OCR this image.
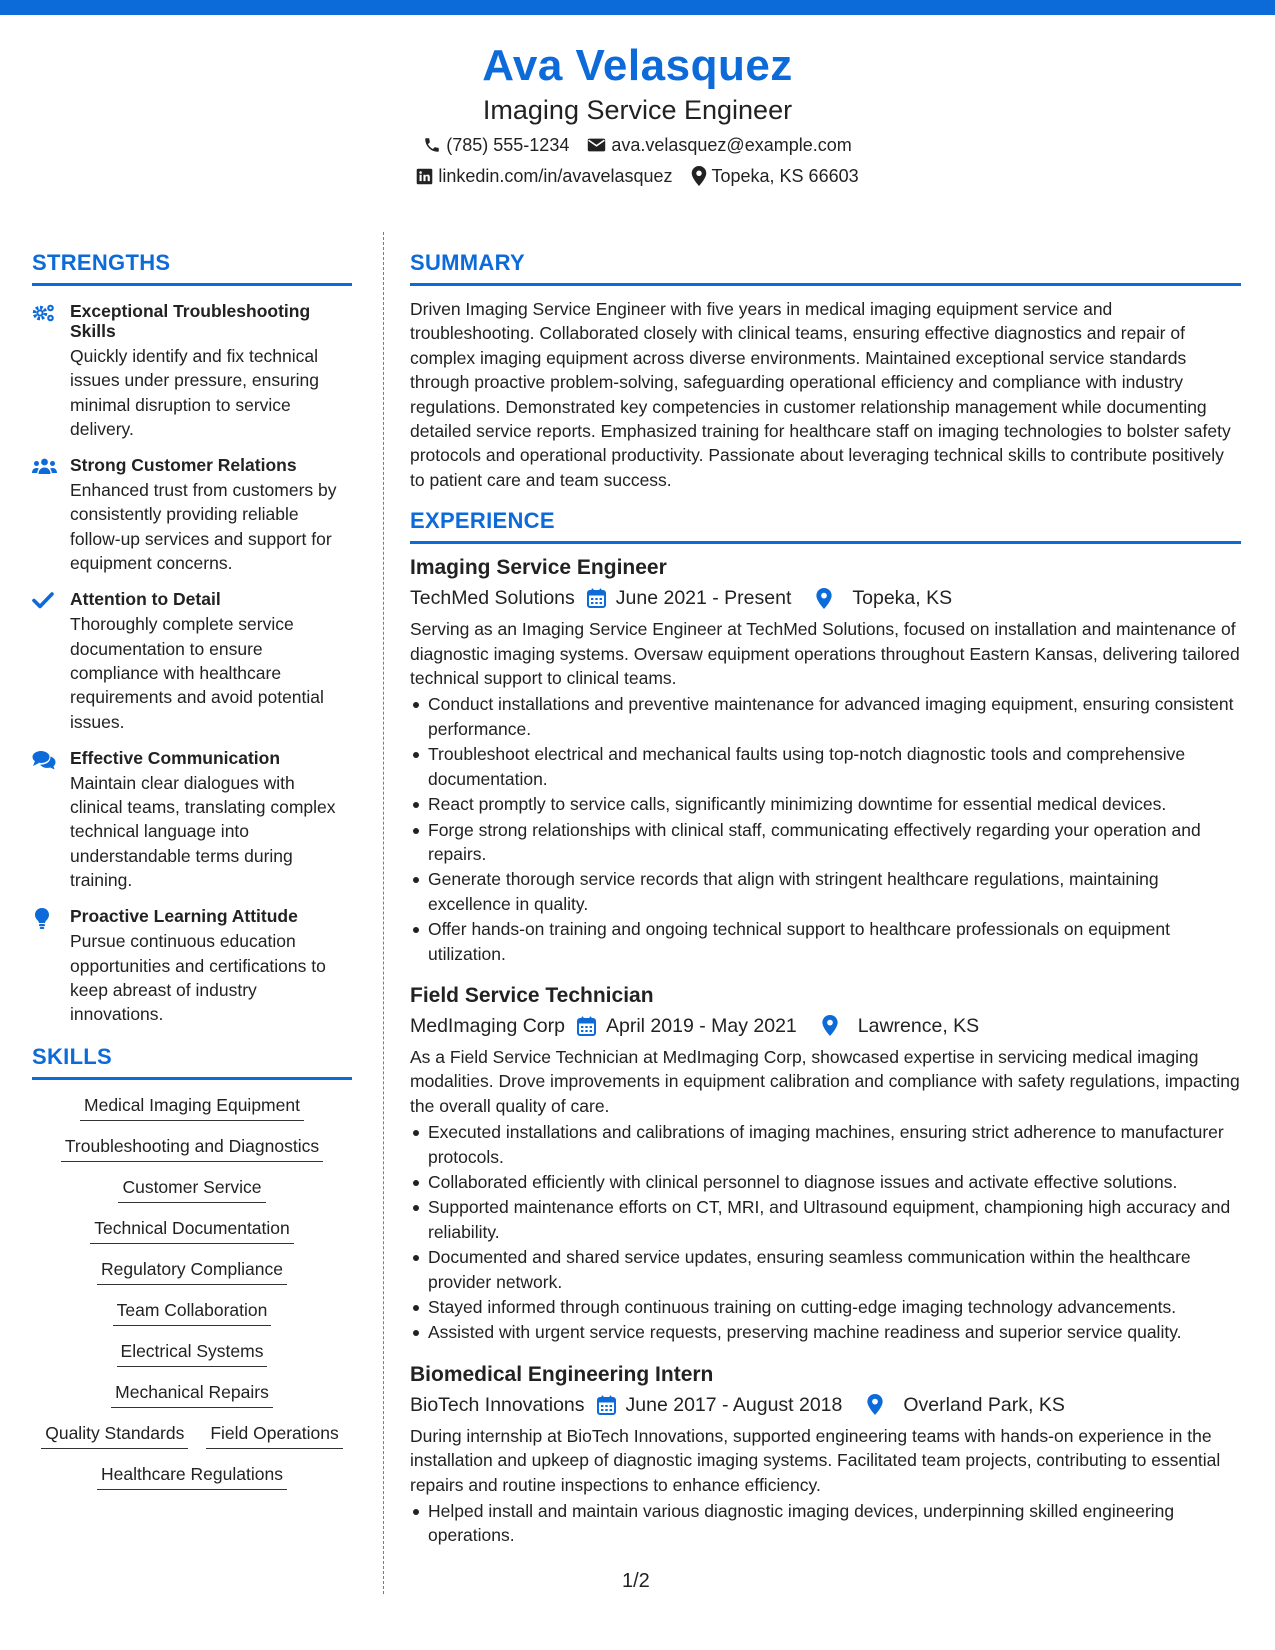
Ava Velasquez
Imaging Service Engineer
(785) 555-1234 ava.velasquez@example.com
linkedin.com/in/avavelasquez Topeka, KS 66603
STRENGTHS
Exceptional Troubleshooting Skills
Quickly identify and fix technical issues under pressure, ensuring minimal disruption to service delivery.
Strong Customer Relations
Enhanced trust from customers by consistently providing reliable follow-up services and support for equipment concerns.
Attention to Detail
Thoroughly complete service documentation to ensure compliance with healthcare requirements and avoid potential issues.
Effective Communication
Maintain clear dialogues with clinical teams, translating complex technical language into understandable terms during training.
Proactive Learning Attitude
Pursue continuous education opportunities and certifications to keep abreast of industry innovations.
SKILLS
Medical Imaging Equipment
Troubleshooting and Diagnostics
Customer Service
Technical Documentation
Regulatory Compliance
Team Collaboration
Electrical Systems
Mechanical Repairs
Quality Standards Field Operations
Healthcare Regulations
SUMMARY
Driven Imaging Service Engineer with five years in medical imaging equipment service and troubleshooting. Collaborated closely with clinical teams, ensuring effective diagnostics and repair of complex imaging equipment across diverse environments. Maintained exceptional service standards through proactive problem-solving, safeguarding operational efficiency and compliance with industry regulations. Demonstrated key competencies in customer relationship management while documenting detailed service reports. Emphasized training for healthcare staff on imaging technologies to bolster safety protocols and operational productivity. Passionate about leveraging technical skills to contribute positively to patient care and team success.
EXPERIENCE
Imaging Service Engineer
TechMed Solutions June 2021 - Present	Topeka, KS
Serving as an Imaging Service Engineer at TechMed Solutions, focused on installation and maintenance of diagnostic imaging systems. Oversaw equipment operations throughout Eastern Kansas, delivering tailored technical support to clinical teams.
Conduct installations and preventive maintenance for advanced imaging equipment, ensuring consistent performance.
Troubleshoot electrical and mechanical faults using top-notch diagnostic tools and comprehensive documentation.
React promptly to service calls, significantly minimizing downtime for essential medical devices.
Forge strong relationships with clinical staff, communicating effectively regarding your operation and repairs.
Generate thorough service records that align with stringent healthcare regulations, maintaining excellence in quality.
Offer hands-on training and ongoing technical support to healthcare professionals on equipment utilization.
Field Service Technician
MedImaging Corp April 2019 - May 2021	Lawrence, KS
As a Field Service Technician at MedImaging Corp, showcased expertise in servicing medical imaging modalities. Drove improvements in equipment calibration and compliance with safety regulations, impacting the overall quality of care.
Executed installations and calibrations of imaging machines, ensuring strict adherence to manufacturer protocols.
Collaborated efficiently with clinical personnel to diagnose issues and activate effective solutions.
Supported maintenance efforts on CT, MRI, and Ultrasound equipment, championing high accuracy and reliability.
Documented and shared service updates, ensuring seamless communication within the healthcare provider network.
Stayed informed through continuous training on cutting-edge imaging technology advancements.
Assisted with urgent service requests, preserving machine readiness and superior service quality.
Biomedical Engineering Intern
BioTech Innovations June 2017 - August 2018	Overland Park, KS
During internship at BioTech Innovations, supported engineering teams with hands-on experience in the installation and upkeep of diagnostic imaging systems. Facilitated team projects, contributing to essential repairs and routine inspections to enhance efficiency.
Helped install and maintain various diagnostic imaging devices, underpinning skilled engineering operations.
1/2
